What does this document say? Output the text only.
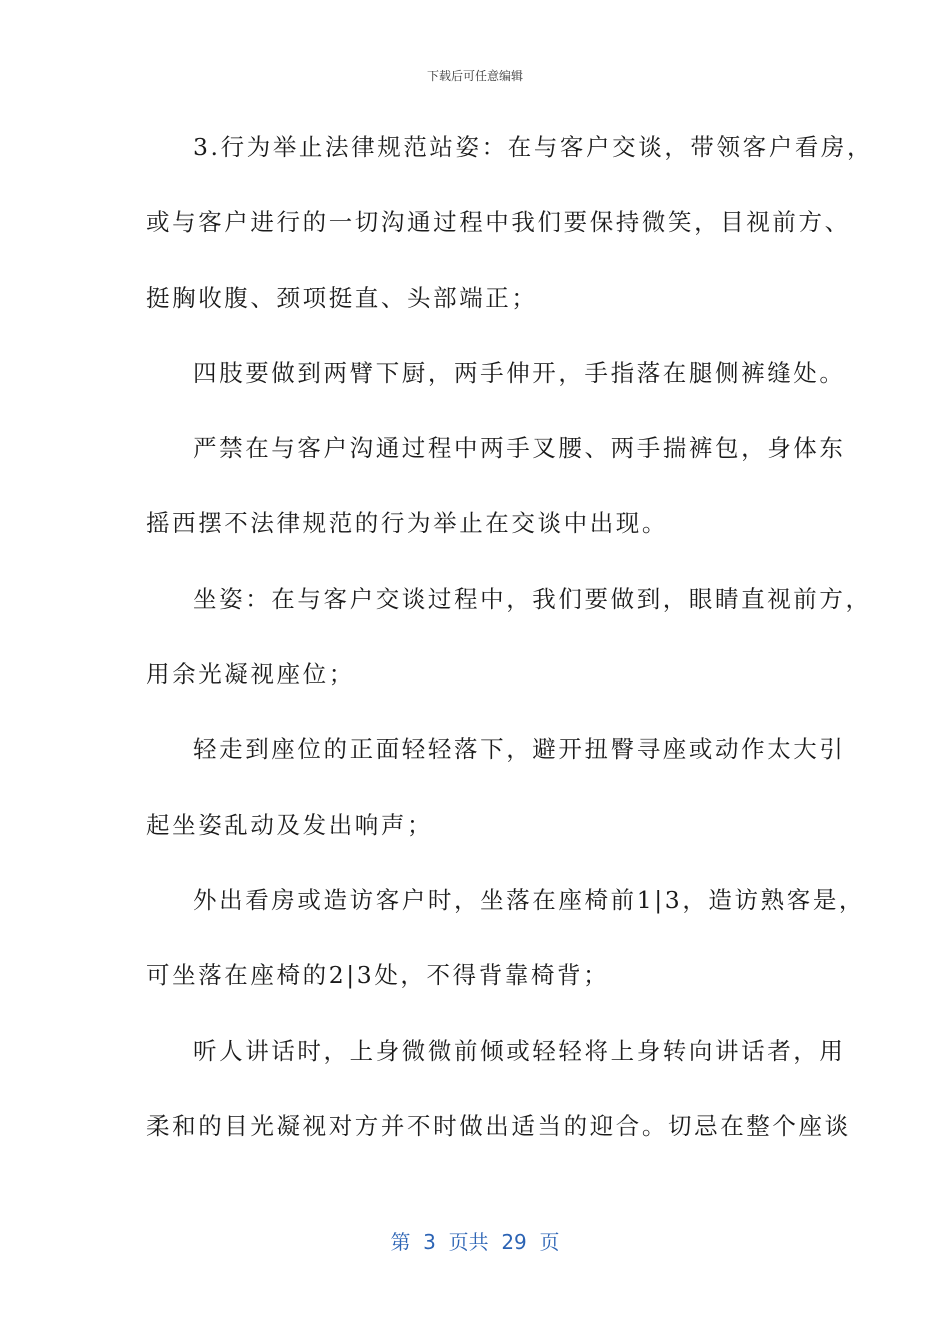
下载后可任意编辑
3.行为举止法律规范站姿：在与客户交谈，带领客户看房，
或与客户进行的一切沟通过程中我们要保持微笑，目视前方、
挺胸收腹、颈项挺直、头部端正；
四肢要做到两臂下厨，两手伸开，手指落在腿侧裤缝处。
严禁在与客户沟通过程中两手叉腰、两手揣裤包，身体东
摇西摆不法律规范的行为举止在交谈中出现。
坐姿：在与客户交谈过程中，我们要做到，眼睛直视前方，
用余光凝视座位；
轻走到座位的正面轻轻落下，避开扭臀寻座或动作太大引
起坐姿乱动及发出响声；
外出看房或造访客户时，坐落在座椅前1|3，造访熟客是，
可坐落在座椅的2|3处，不得背靠椅背；
听人讲话时，上身微微前倾或轻轻将上身转向讲话者，用
柔和的目光凝视对方并不时做出适当的迎合。切忌在整个座谈
第  3  页共  29  页
